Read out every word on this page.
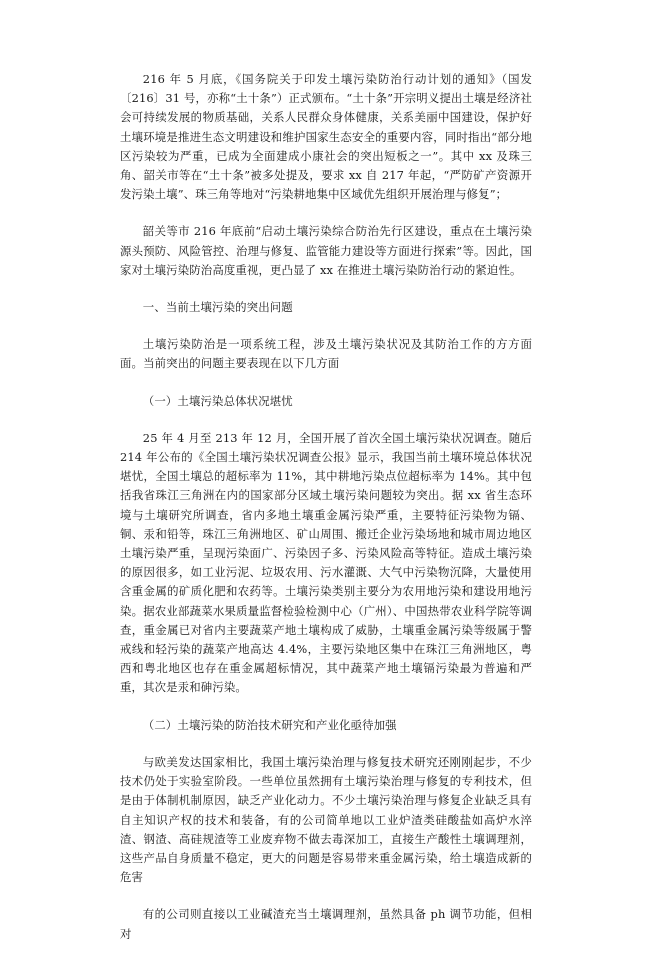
216 年 5 月底，《国务院关于印发土壤污染防治行动计划的通知》（国发〔216〕31 号，亦称“土十条”）正式颁布。“土十条”开宗明义提出土壤是经济社会可持续发展的物质基础，关系人民群众身体健康，关系美丽中国建设，保护好土壤环境是推进生态文明建设和维护国家生态安全的重要内容，同时指出“部分地区污染较为严重，已成为全面建成小康社会的突出短板之一”。其中 xx 及珠三角、韶关市等在“土十条”被多处提及，要求 xx 自 217 年起，“严防矿产资源开发污染土壤”、珠三角等地对“污染耕地集中区域优先组织开展治理与修复”；

韶关等市 216 年底前“启动土壤污染综合防治先行区建设，重点在土壤污染源头预防、风险管控、治理与修复、监管能力建设等方面进行探索”等。因此，国家对土壤污染防治高度重视，更凸显了 xx 在推进土壤污染防治行动的紧迫性。

一、当前土壤污染的突出问题

土壤污染防治是一项系统工程，涉及土壤污染状况及其防治工作的方方面面。当前突出的问题主要表现在以下几方面

（一）土壤污染总体状况堪忧

25 年 4 月至 213 年 12 月，全国开展了首次全国土壤污染状况调查。随后 214 年公布的《全国土壤污染状况调查公报》显示，我国当前土壤环境总体状况堪忧，全国土壤总的超标率为 11%，其中耕地污染点位超标率为 14%。其中包括我省珠江三角洲在内的国家部分区域土壤污染问题较为突出。据 xx 省生态环境与土壤研究所调查，省内多地土壤重金属污染严重，主要特征污染物为镉、铜、汞和铅等，珠江三角洲地区、矿山周围、搬迁企业污染场地和城市周边地区土壤污染严重，呈现污染面广、污染因子多、污染风险高等特征。造成土壤污染的原因很多，如工业污泥、垃圾农用、污水灌溉、大气中污染物沉降，大量使用含重金属的矿质化肥和农药等。土壤污染类别主要分为农用地污染和建设用地污染。据农业部蔬菜水果质量监督检验检测中心（广州）、中国热带农业科学院等调查，重金属已对省内主要蔬菜产地土壤构成了威胁，土壤重金属污染等级属于警戒线和轻污染的蔬菜产地高达 4.4%，主要污染地区集中在珠江三角洲地区，粤西和粤北地区也存在重金属超标情况，其中蔬菜产地土壤镉污染最为普遍和严重，其次是汞和砷污染。

（二）土壤污染的防治技术研究和产业化亟待加强

与欧美发达国家相比，我国土壤污染治理与修复技术研究还刚刚起步，不少技术仍处于实验室阶段。一些单位虽然拥有土壤污染治理与修复的专利技术，但是由于体制机制原因，缺乏产业化动力。不少土壤污染治理与修复企业缺乏具有自主知识产权的技术和装备，有的公司简单地以工业炉渣类硅酸盐如高炉水淬渣、钢渣、高硅规渣等工业废弃物不做去毒深加工，直接生产酸性土壤调理剂，这些产品自身质量不稳定，更大的问题是容易带来重金属污染，给土壤造成新的危害

有的公司则直接以工业碱渣充当土壤调理剂，虽然具备 ph 调节功能，但相对
